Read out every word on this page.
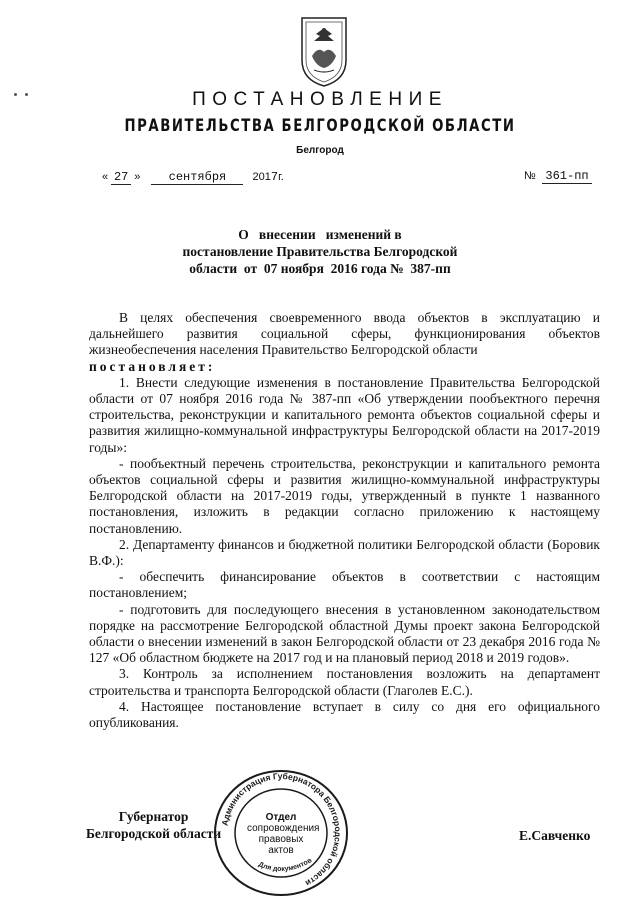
ПОСТАНОВЛЕНИЕ
ПРАВИТЕЛЬСТВА БЕЛГОРОДСКОЙ ОБЛАСТИ
Белгород
« 27 » сентября 2017г.	№ 361-пп
О   внесении   изменений в
постановление Правительства Белгородской
области  от  07 ноября  2016 года №  387-пп

В целях обеспечения своевременного ввода объектов в эксплуатацию и дальнейшего развития социальной сферы, функционирования объектов жизнеобеспечения населения Правительство Белгородской области

постановляет:

1. Внести следующие изменения в постановление Правительства Белгородской области от 07 ноября 2016 года № 387-пп «Об утверждении пообъектного перечня строительства, реконструкции и капитального ремонта объектов социальной сферы и развития жилищно-коммунальной инфраструктуры Белгородской области на 2017-2019 годы»:

- пообъектный перечень строительства, реконструкции и капитального ремонта объектов социальной сферы и развития жилищно-коммунальной инфраструктуры Белгородской области на 2017-2019 годы, утвержденный в пункте 1 названного постановления, изложить в редакции согласно приложению к настоящему постановлению.

2. Департаменту финансов и бюджетной политики Белгородской области (Боровик В.Ф.):

- обеспечить финансирование объектов в соответствии с настоящим постановлением;

- подготовить для последующего внесения в установленном законодательством порядке на рассмотрение Белгородской областной Думы проект закона Белгородской области о внесении изменений в закон Белгородской области от 23 декабря 2016 года № 127 «Об областном бюджете на 2017 год и на плановый период 2018 и 2019 годов».

3. Контроль за исполнением постановления возложить на департамент строительства и транспорта Белгородской области (Глаголев Е.С.).

4. Настоящее постановление вступает в силу со дня его официального опубликования.

Губернатор
Белгородской области	Е.Савченко
Администрация Губернатора Белгородской области
Для документов
Отдел
сопровождения
правовых
актов
